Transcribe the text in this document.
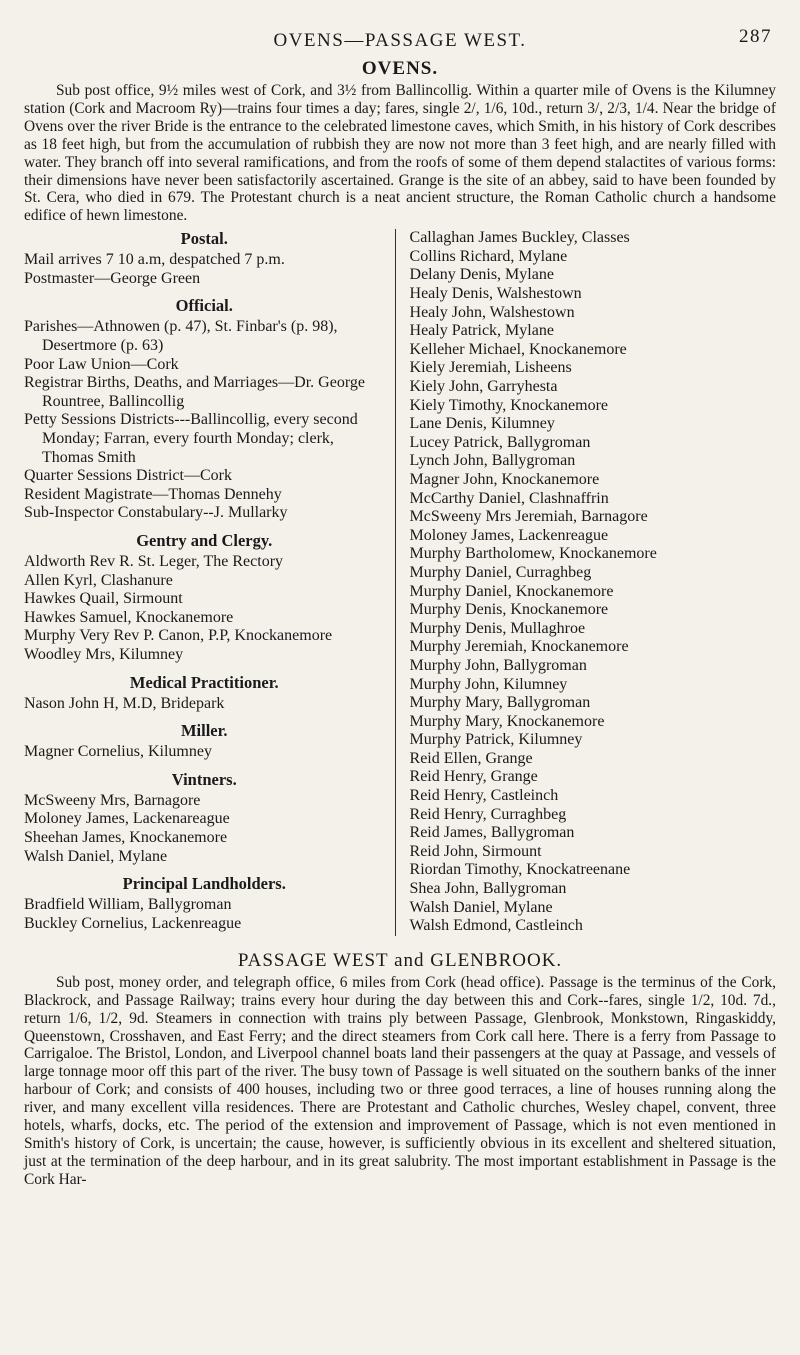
OVENS—PASSAGE WEST.	287
OVENS.

Sub post office, 9½ miles west of Cork, and 3½ from Ballincollig. Within a quarter mile of Ovens is the Kilumney station (Cork and Macroom Ry)—trains four times a day; fares, single 2/, 1/6, 10d., return 3/, 2/3, 1/4. Near the bridge of Ovens over the river Bride is the entrance to the celebrated limestone caves, which Smith, in his history of Cork describes as 18 feet high, but from the accumulation of rubbish they are now not more than 3 feet high, and are nearly filled with water. They branch off into several ramifications, and from the roofs of some of them depend stalactites of various forms: their dimensions have never been satisfactorily ascertained. Grange is the site of an abbey, said to have been founded by St. Cera, who died in 679. The Protestant church is a neat ancient structure, the Roman Catholic church a handsome edifice of hewn limestone.

Postal.
Mail arrives 7 10 a.m, despatched 7 p.m.
Postmaster—George Green
Official.
Parishes—Athnowen (p. 47), St. Finbar's (p. 98), Desertmore (p. 63)
Poor Law Union—Cork
Registrar Births, Deaths, and Marriages—Dr. George Rountree, Ballincollig
Petty Sessions Districts---Ballincollig, every second Monday; Farran, every fourth Monday; clerk, Thomas Smith
Quarter Sessions District—Cork
Resident Magistrate—Thomas Dennehy
Sub-Inspector Constabulary--J. Mullarky
Gentry and Clergy.
Aldworth Rev R. St. Leger, The Rectory
Allen Kyrl, Clashanure
Hawkes Quail, Sirmount
Hawkes Samuel, Knockanemore
Murphy Very Rev P. Canon, P.P, Knockanemore
Woodley Mrs, Kilumney
Medical Practitioner.
Nason John H, M.D, Bridepark
Miller.
Magner Cornelius, Kilumney
Vintners.
McSweeny Mrs, Barnagore
Moloney James, Lackenareague
Sheehan James, Knockanemore
Walsh Daniel, Mylane
Principal Landholders.
Bradfield William, Ballygroman
Buckley Cornelius, Lackenreague
Callaghan James Buckley, Classes
Collins Richard, Mylane
Delany Denis, Mylane
Healy Denis, Walshestown
Healy John, Walshestown
Healy Patrick, Mylane
Kelleher Michael, Knockanemore
Kiely Jeremiah, Lisheens
Kiely John, Garryhesta
Kiely Timothy, Knockanemore
Lane Denis, Kilumney
Lucey Patrick, Ballygroman
Lynch John, Ballygroman
Magner John, Knockanemore
McCarthy Daniel, Clashnaffrin
McSweeny Mrs Jeremiah, Barnagore
Moloney James, Lackenreague
Murphy Bartholomew, Knockanemore
Murphy Daniel, Curraghbeg
Murphy Daniel, Knockanemore
Murphy Denis, Knockanemore
Murphy Denis, Mullaghroe
Murphy Jeremiah, Knockanemore
Murphy John, Ballygroman
Murphy John, Kilumney
Murphy Mary, Ballygroman
Murphy Mary, Knockanemore
Murphy Patrick, Kilumney
Reid Ellen, Grange
Reid Henry, Grange
Reid Henry, Castleinch
Reid Henry, Curraghbeg
Reid James, Ballygroman
Reid John, Sirmount
Riordan Timothy, Knockatreenane
Shea John, Ballygroman
Walsh Daniel, Mylane
Walsh Edmond, Castleinch
PASSAGE WEST and GLENBROOK.

Sub post, money order, and telegraph office, 6 miles from Cork (head office). Passage is the terminus of the Cork, Blackrock, and Passage Railway; trains every hour during the day between this and Cork--fares, single 1/2, 10d. 7d., return 1/6, 1/2, 9d. Steamers in connection with trains ply between Passage, Glenbrook, Monkstown, Ringaskiddy, Queenstown, Crosshaven, and East Ferry; and the direct steamers from Cork call here. There is a ferry from Passage to Carrigaloe. The Bristol, London, and Liverpool channel boats land their passengers at the quay at Passage, and vessels of large tonnage moor off this part of the river. The busy town of Passage is well situated on the southern banks of the inner harbour of Cork; and consists of 400 houses, including two or three good terraces, a line of houses running along the river, and many excellent villa residences. There are Protestant and Catholic churches, Wesley chapel, convent, three hotels, wharfs, docks, etc. The period of the extension and improvement of Passage, which is not even mentioned in Smith's history of Cork, is uncertain; the cause, however, is sufficiently obvious in its excellent and sheltered situation, just at the termination of the deep harbour, and in its great salubrity. The most important establishment in Passage is the Cork Har-
